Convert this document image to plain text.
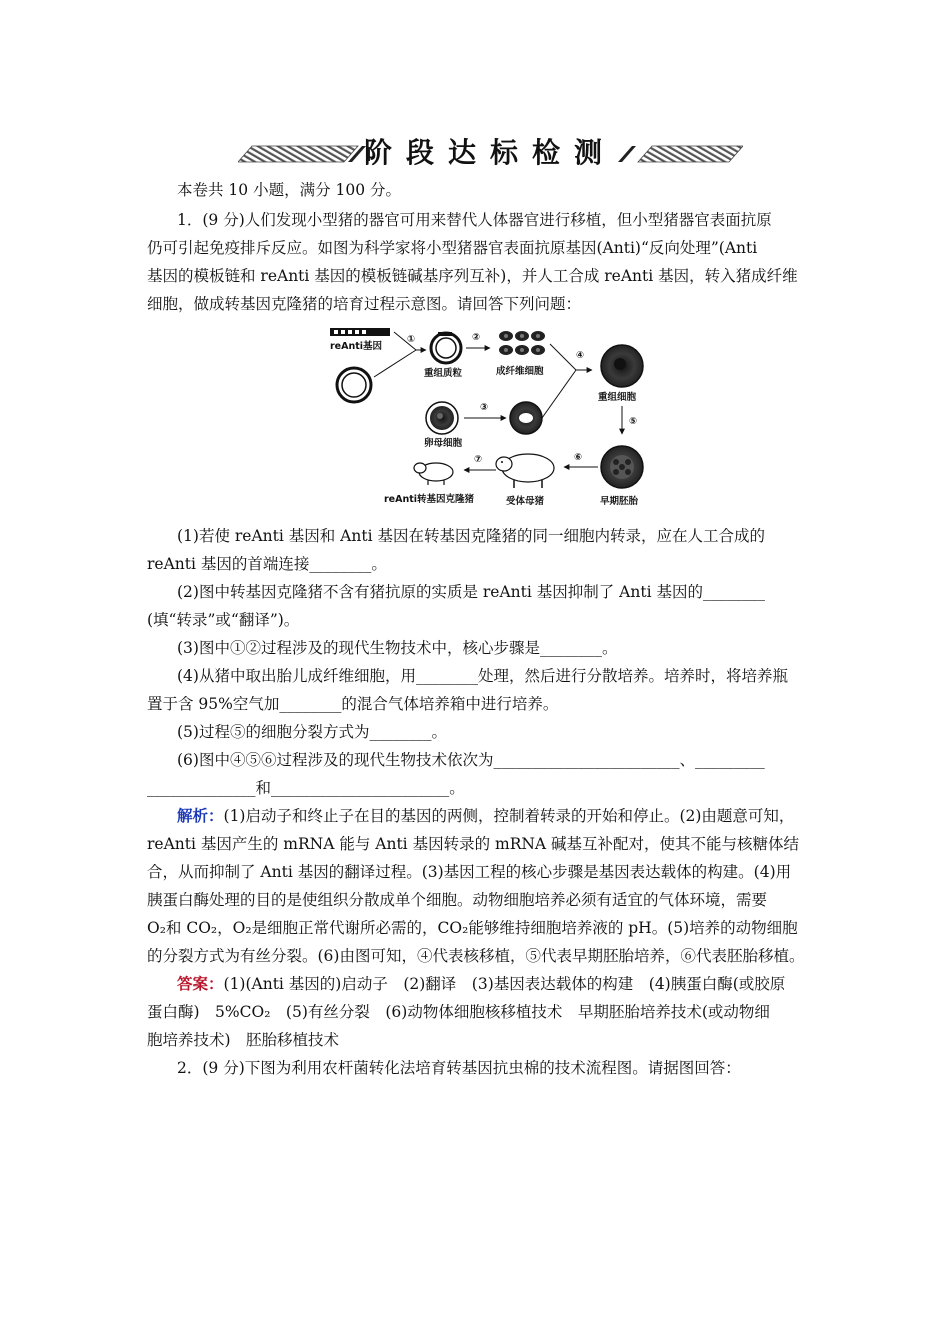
阶段达标检测
本卷共 10 小题，满分 100 分。
1．(9 分)人们发现小型猪的器官可用来替代人体器官进行移植，但小型猪器官表面抗原
仍可引起免疫排斥反应。如图为科学家将小型猪器官表面抗原基因(Anti)“反向处理”(Anti
基因的模板链和 reAnti 基因的模板链碱基序列互补)，并人工合成 reAnti 基因，转入猪成纤维
细胞，做成转基因克隆猪的培育过程示意图。请回答下列问题：
reAnti基因
①
重组质粒
②
成纤维细胞
④
重组细胞
⑤
卵母细胞
③
早期胚胎
⑥
受体母猪
⑦
reAnti转基因克隆猪
(1)若使 reAnti 基因和 Anti 基因在转基因克隆猪的同一细胞内转录，应在人工合成的
reAnti 基因的首端连接________。
(2)图中转基因克隆猪不含有猪抗原的实质是 reAnti 基因抑制了 Anti 基因的________
(填“转录”或“翻译”)。
(3)图中①②过程涉及的现代生物技术中，核心步骤是________。
(4)从猪中取出胎儿成纤维细胞，用________处理，然后进行分散培养。培养时，将培养瓶
置于含 95%空气加________的混合气体培养箱中进行培养。
(5)过程⑤的细胞分裂方式为________。
(6)图中④⑤⑥过程涉及的现代生物技术依次为________________________、_________
______________和_______________________。
解析：(1)启动子和终止子在目的基因的两侧，控制着转录的开始和停止。(2)由题意可知，
reAnti 基因产生的 mRNA 能与 Anti 基因转录的 mRNA 碱基互补配对，使其不能与核糖体结
合，从而抑制了 Anti 基因的翻译过程。(3)基因工程的核心步骤是基因表达载体的构建。(4)用
胰蛋白酶处理的目的是使组织分散成单个细胞。动物细胞培养必须有适宜的气体环境，需要
O₂和 CO₂，O₂是细胞正常代谢所必需的，CO₂能够维持细胞培养液的 pH。(5)培养的动物细胞
的分裂方式为有丝分裂。(6)由图可知，④代表核移植，⑤代表早期胚胎培养，⑥代表胚胎移植。
答案：(1)(Anti 基因的)启动子　(2)翻译　(3)基因表达载体的构建　(4)胰蛋白酶(或胶原
蛋白酶)　5%CO₂　(5)有丝分裂　(6)动物体细胞核移植技术　早期胚胎培养技术(或动物细
胞培养技术)　胚胎移植技术
2．(9 分)下图为利用农杆菌转化法培育转基因抗虫棉的技术流程图。请据图回答：
